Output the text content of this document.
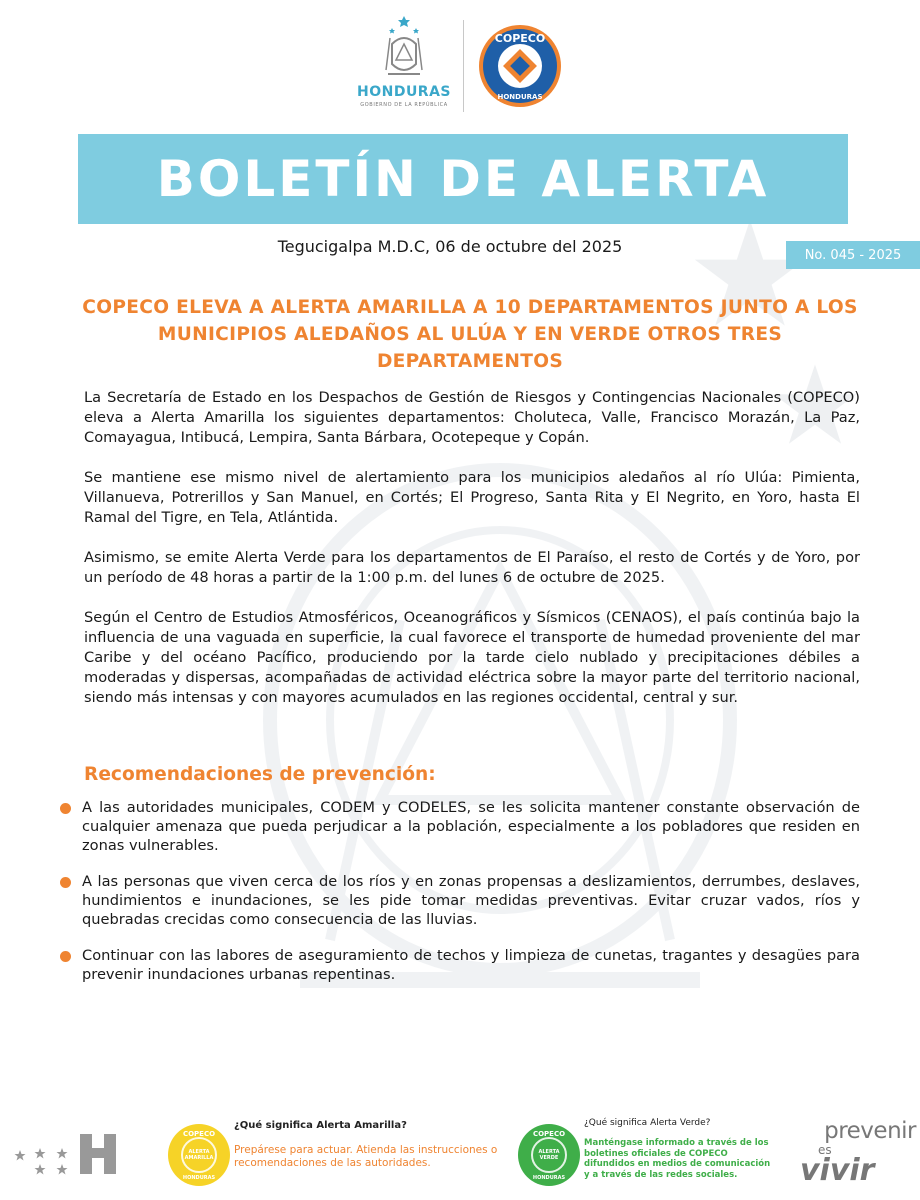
HONDURAS
GOBIERNO DE LA REPÚBLICA
COPECO
HONDURAS
BOLETÍN DE ALERTA
Tegucigalpa M.D.C, 06 de octubre del 2025	No. 045 - 2025
COPECO ELEVA A ALERTA AMARILLA A 10 DEPARTAMENTOS JUNTO A LOS MUNICIPIOS ALEDAÑOS AL ULÚA Y EN VERDE OTROS TRES DEPARTAMENTOS

La Secretaría de Estado en los Despachos de Gestión de Riesgos y Contingencias Nacionales (COPECO) eleva a Alerta Amarilla los siguientes departamentos: Choluteca, Valle, Francisco Morazán, La Paz, Comayagua, Intibucá, Lempira, Santa Bárbara, Ocotepeque y Copán.

Se mantiene ese mismo nivel de alertamiento para los municipios aledaños al río Ulúa: Pimienta, Villanueva, Potrerillos y San Manuel, en Cortés; El Progreso, Santa Rita y El Negrito, en Yoro, hasta El Ramal del Tigre, en Tela, Atlántida.

Asimismo, se emite Alerta Verde para los departamentos de El Paraíso, el resto de Cortés y de Yoro, por un período de 48 horas a partir de la 1:00 p.m. del lunes 6 de octubre de 2025.

Según el Centro de Estudios Atmosféricos, Oceanográficos y Sísmicos (CENAOS), el país continúa bajo la influencia de una vaguada en superficie, la cual favorece el transporte de humedad proveniente del mar Caribe y del océano Pacífico, produciendo por la tarde cielo nublado y precipitaciones débiles a moderadas y dispersas, acompañadas de actividad eléctrica sobre la mayor parte del territorio nacional, siendo más intensas y con mayores acumulados en las regiones occidental, central y sur.

Recomendaciones de prevención:
A las autoridades municipales, CODEM y CODELES, se les solicita mantener constante observación de cualquier amenaza que pueda perjudicar a la población, especialmente a los pobladores que residen en zonas vulnerables.
A las personas que viven cerca de los ríos y en zonas propensas a deslizamientos, derrumbes, deslaves, hundimientos e inundaciones, se les pide tomar medidas preventivas. Evitar cruzar vados, ríos y quebradas crecidas como consecuencia de las lluvias.
Continuar con las labores de aseguramiento de techos y limpieza de cunetas, tragantes y desagües para prevenir inundaciones urbanas repentinas.
COPECO
ALERTA AMARILLA
HONDURAS
¿Qué significa Alerta Amarilla?
Prepárese para actuar. Atienda las instrucciones o recomendaciones de las autoridades.
COPECO
ALERTA VERDE
HONDURAS
¿Qué significa Alerta Verde?
Manténgase informado a través de los boletines oficiales de COPECO difundidos en medios de comunicación y a través de las redes sociales.
prevenir
es
vivir
